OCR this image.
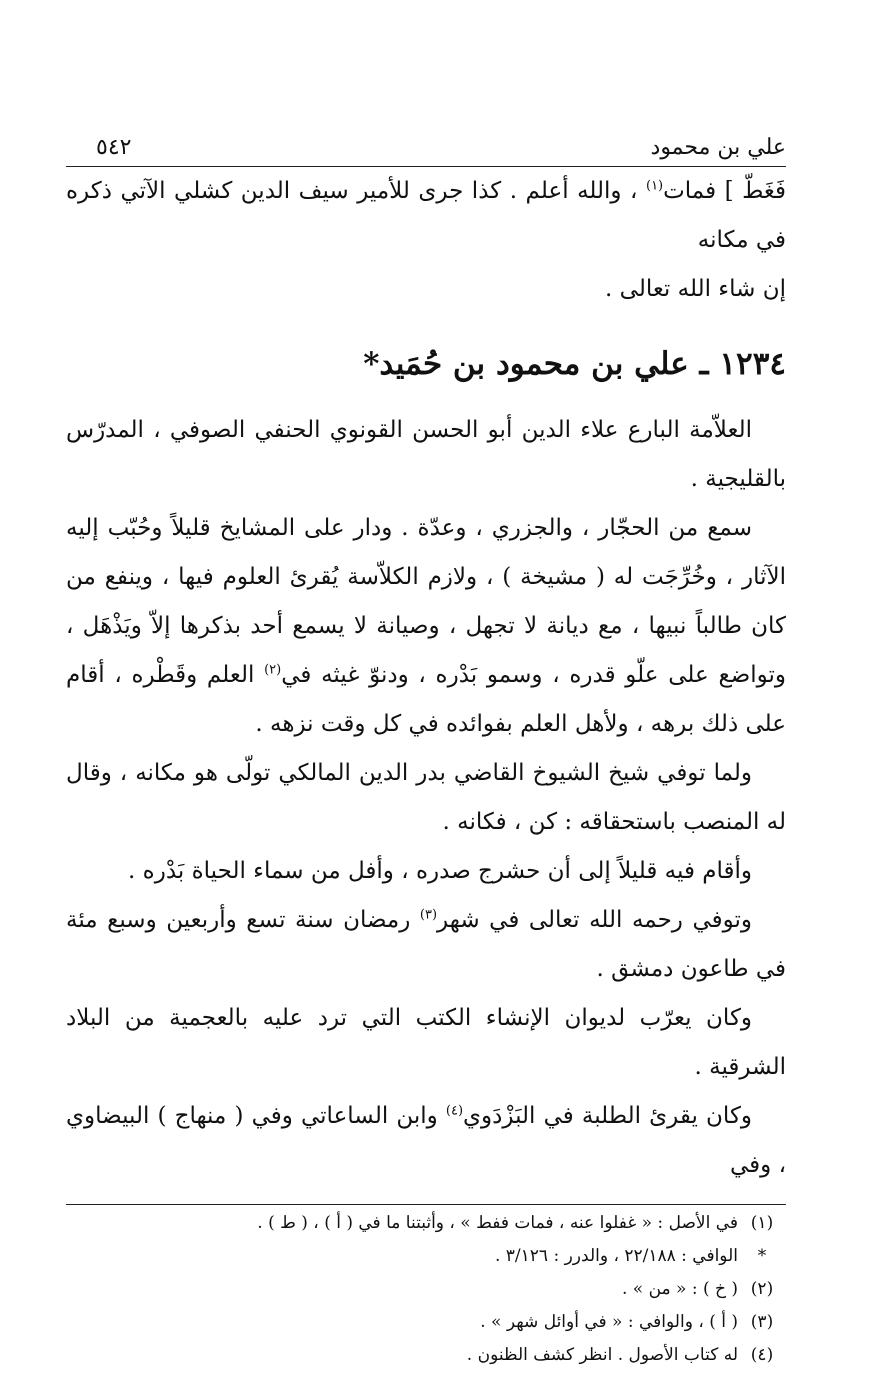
علي بن محمود
٥٤٢

فَغَطّ ] فمات$^{(١)}$ ، والله أعلم . كذا جرى للأمير سيف الدين كشلي الآتي ذكره في مكانه
إن شاء الله تعالى .

١٢٣٤ ـ علي بن محمود بن حُمَيد*

العلاّمة البارع علاء الدين أبو الحسن القونوي الحنفي الصوفي ، المدرّس بالقليجية .

سمع من الحجّار ، والجزري ، وعدّة . ودار على المشايخ قليلاً وحُبّب إليه الآثار ، وخُرِّجَت له ( مشيخة ) ، ولازم الكلاّسة يُقرئ العلوم فيها ، وينفع من كان طالباً نبيها ، مع ديانة لا تجهل ، وصيانة لا يسمع أحد بذكرها إلاّ ويَذْهَل ، وتواضع على علّو قدره ، وسمو بَدْره ، ودنوّ غيثه في$^{(٢)}$ العلم وقَطْره ، أقام على ذلك برهه ، ولأهل العلم بفوائده في كل وقت نزهه .

ولما توفي شيخ الشيوخ القاضي بدر الدين المالكي تولّى هو مكانه ، وقال له المنصب باستحقاقه : كن ، فكانه .

وأقام فيه قليلاً إلى أن حشرج صدره ، وأفل من سماء الحياة بَدْره .

وتوفي رحمه الله تعالى في شهر$^{(٣)}$ رمضان سنة تسع وأربعين وسبع مئة في طاعون دمشق .

وكان يعرّب لديوان الإنشاء الكتب التي ترد عليه بالعجمية من البلاد الشرقية .

وكان يقرئ الطلبة في البَزْدَوي$^{(٤)}$ وابن الساعاتي وفي ( منهاج ) البيضاوي ، وفي

(١)
في الأصل : « غفلوا عنه ، فمات ففط » ، وأثبتنا ما في ( أ ) ، ( ط ) .
*
الوافي : ٢٢/١٨٨ ، والدرر : ٣/١٢٦ .
(٢)
( خ ) : « من » .
(٣)
( أ ) ، والوافي : « في أوائل شهر » .
(٤)
له كتاب الأصول . انظر كشف الظنون .
